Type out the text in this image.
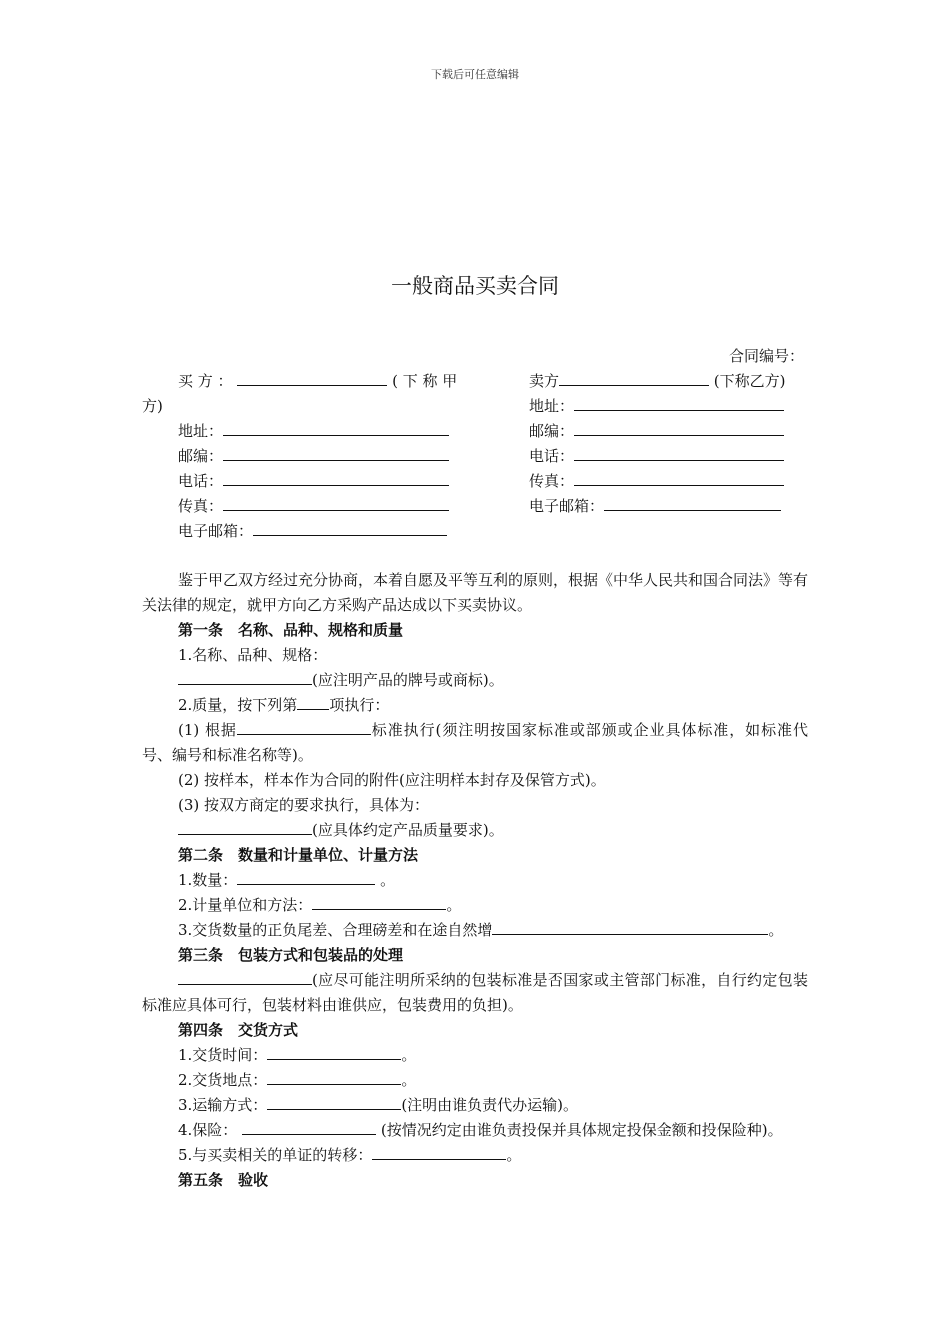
下载后可任意编辑
一般商品买卖合同
合同编号：
买 方 ：	( 下 称 甲
方)
地址：
邮编：
电话：
传真：
电子邮箱：
卖方	(下称乙方)
地址：
邮编：
电话：
传真：
电子邮箱：

鉴于甲乙双方经过充分协商，本着自愿及平等互利的原则，根据《中华人民共和国合同法》等有关法律的规定，就甲方向乙方采购产品达成以下买卖协议。

第一条　名称、品种、规格和质量

1.名称、品种、规格：

(应注明产品的牌号或商标)。

2.质量，按下列第 项执行：

(1) 根据	标准执行(须注明按国家标准或部颁或企业具体标准，如标准代号、编号和标准名称等)。

(2) 按样本，样本作为合同的附件(应注明样本封存及保管方式)。

(3) 按双方商定的要求执行，具体为：

(应具体约定产品质量要求)。

第二条　数量和计量单位、计量方法

1.数量：	。

2.计量单位和方法：	。

3.交货数量的正负尾差、合理磅差和在途自然增	。

第三条　包装方式和包装品的处理

(应尽可能注明所采纳的包装标准是否国家或主管部门标准，自行约定包装标准应具体可行，包装材料由谁供应，包装费用的负担)。

第四条　交货方式

1.交货时间：	。

2.交货地点：	。

3.运输方式：	(注明由谁负责代办运输)。

4.保险：	(按情况约定由谁负责投保并具体规定投保金额和投保险种)。

5.与买卖相关的单证的转移：	。

第五条　验收
